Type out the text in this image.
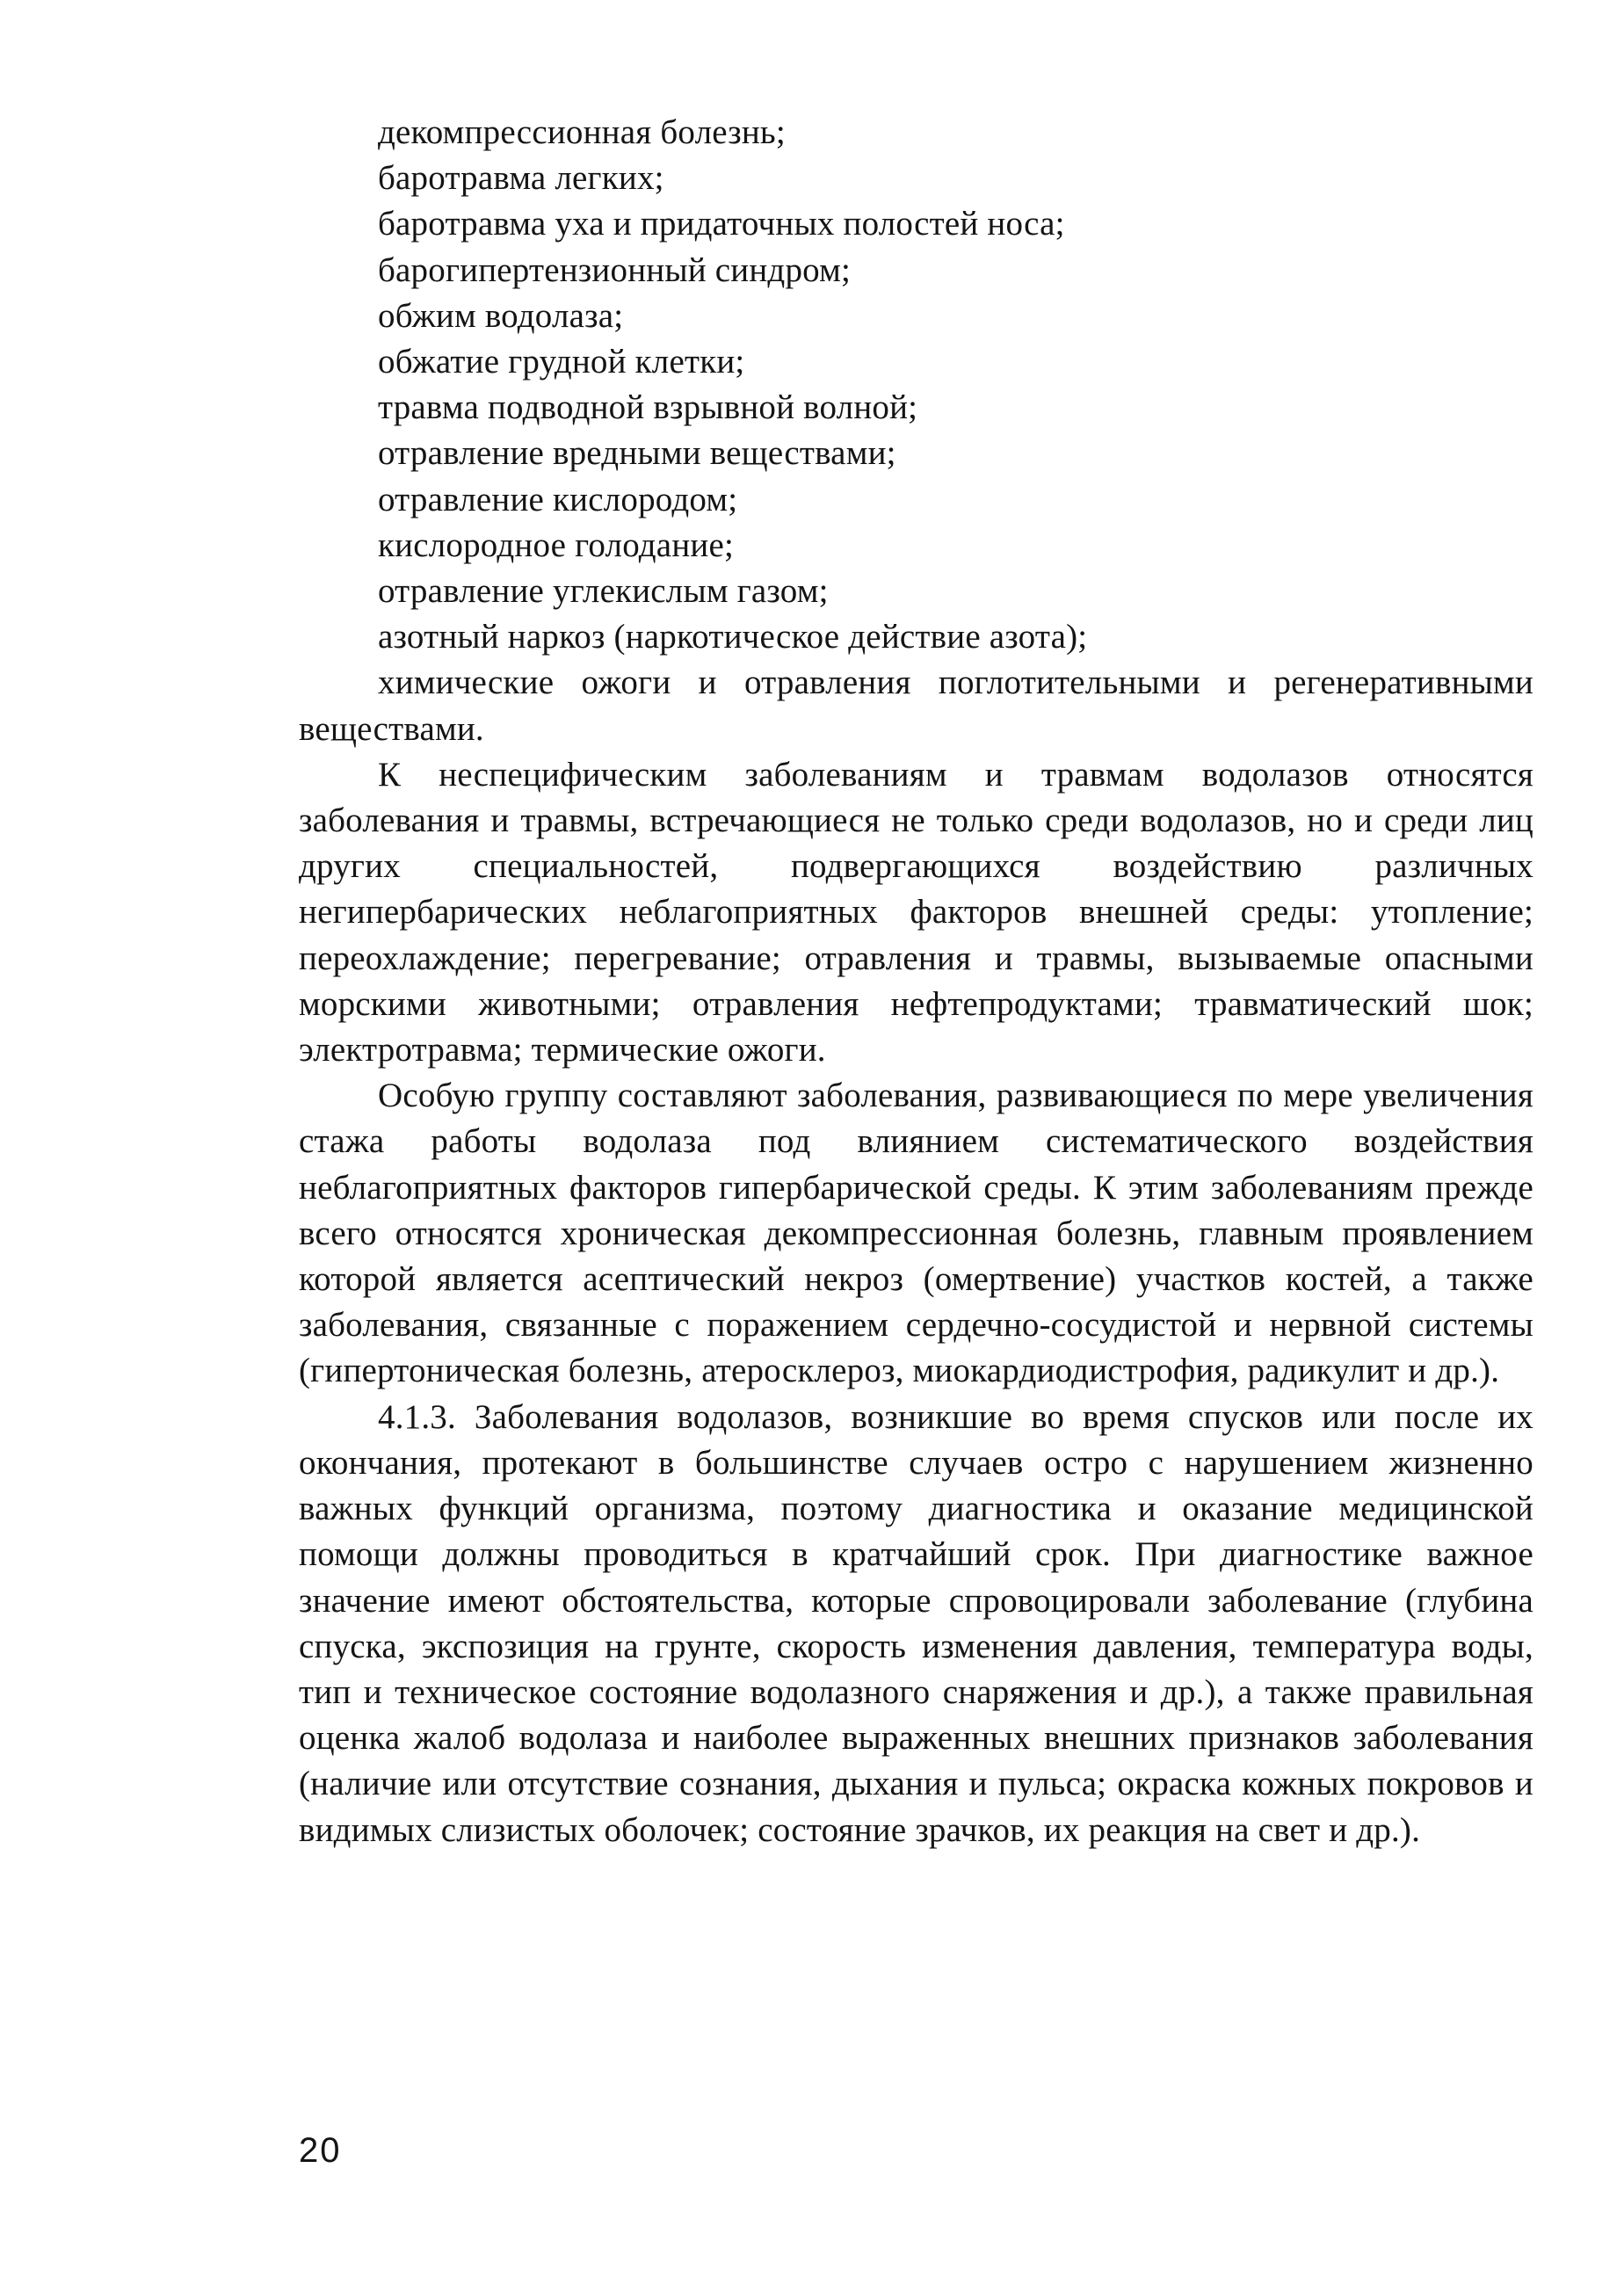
декомпрессионная болезнь;
баротравма легких;
баротравма уха и придаточных полостей носа;
барогипертензионный синдром;
обжим водолаза;
обжатие грудной клетки;
травма подводной взрывной волной;
отравление вредными веществами;
отравление кислородом;
кислородное голодание;
отравление углекислым газом;
азотный наркоз (наркотическое действие азота);

химические ожоги и отравления поглотительными и регенеративными веществами.

К неспецифическим заболеваниям и травмам водолазов относятся заболевания и травмы, встречающиеся не только среди водолазов, но и среди лиц других специальностей, подвергающихся воздействию различных негипербарических неблагоприятных факторов внешней среды: утопление; переохлаждение; перегревание; отравления и травмы, вызываемые опасными морскими животными; отравления нефтепродуктами; травматический шок; электротравма; термические ожоги.

Особую группу составляют заболевания, развивающиеся по мере увеличения стажа работы водолаза под влиянием систематического воздействия неблагоприятных факторов гипербарической среды. К этим заболеваниям прежде всего относятся хроническая декомпрессионная болезнь, главным проявлением которой является асептический некроз (омертвение) участков костей, а также заболевания, связанные с поражением сердечно-сосудистой и нервной системы (гипертоническая болезнь, атеросклероз, миокардиодистрофия, радикулит и др.).

4.1.3. Заболевания водолазов, возникшие во время спусков или после их окончания, протекают в большинстве случаев остро с нарушением жизненно важных функций организма, поэтому диагностика и оказание медицинской помощи должны проводиться в кратчайший срок. При диагностике важное значение имеют обстоятельства, которые спровоцировали заболевание (глубина спуска, экспозиция на грунте, скорость изменения давления, температура воды, тип и техническое состояние водолазного снаряжения и др.), а также правильная оценка жалоб водолаза и наиболее выраженных внешних признаков заболевания (наличие или отсутствие сознания, дыхания и пульса; окраска кожных покровов и видимых слизистых оболочек; состояние зрачков, их реакция на свет и др.).

20
